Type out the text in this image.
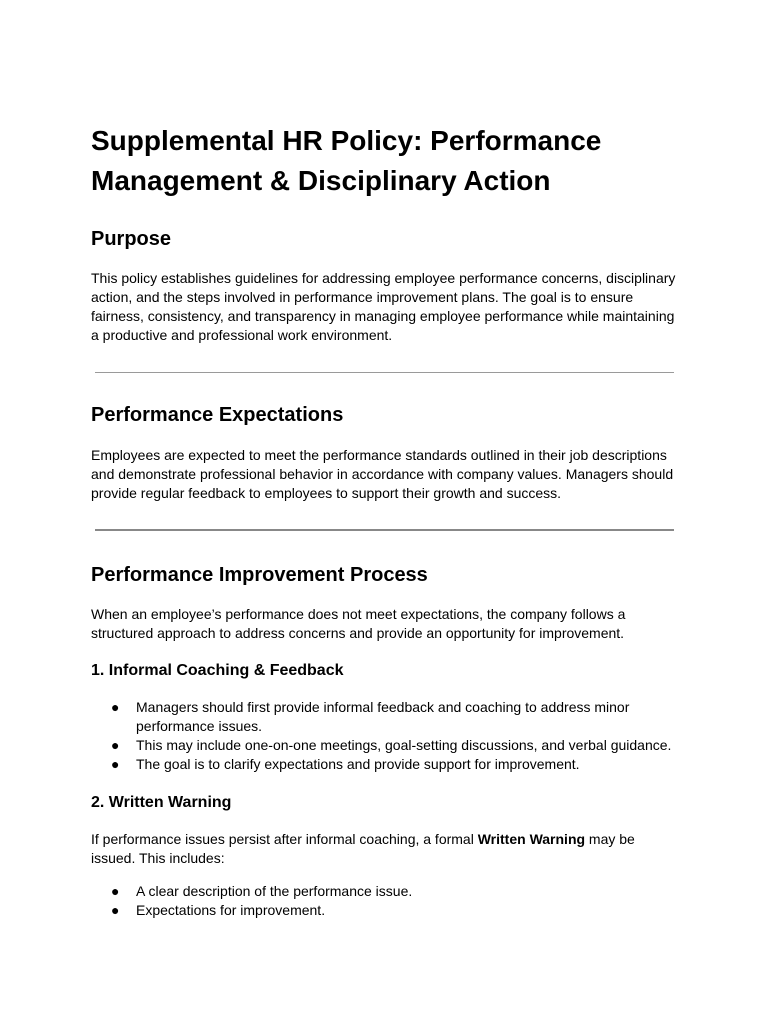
Supplemental HR Policy: Performance Management & Disciplinary Action
Purpose

This policy establishes guidelines for addressing employee performance concerns, disciplinary action, and the steps involved in performance improvement plans. The goal is to ensure fairness, consistency, and transparency in managing employee performance while maintaining a productive and professional work environment.

Performance Expectations

Employees are expected to meet the performance standards outlined in their job descriptions and demonstrate professional behavior in accordance with company values. Managers should provide regular feedback to employees to support their growth and success.

Performance Improvement Process

When an employee’s performance does not meet expectations, the company follows a structured approach to address concerns and provide an opportunity for improvement.

1. Informal Coaching & Feedback
● Managers should first provide informal feedback and coaching to address minor performance issues.
● This may include one-on-one meetings, goal-setting discussions, and verbal guidance.
● The goal is to clarify expectations and provide support for improvement.
2. Written Warning

If performance issues persist after informal coaching, a formal Written Warning may be issued. This includes:

● A clear description of the performance issue.
● Expectations for improvement.
